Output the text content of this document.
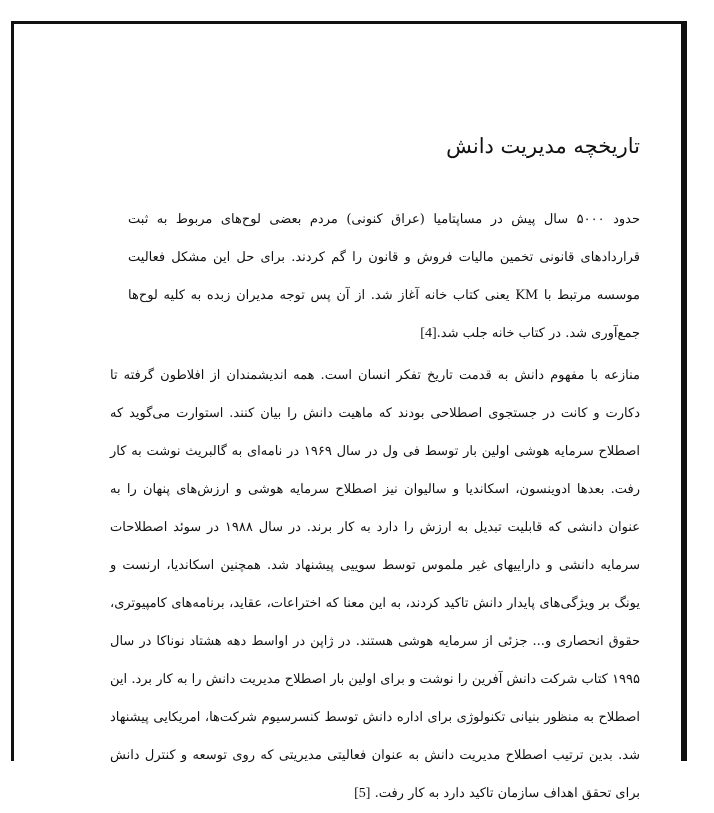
تاریخچه مدیریت دانش

حدود ۵۰۰۰ سال پیش در مساپتامیا (عراق کنونی) مردم بعضی لوح‌های مربوط به ثبت قراردادهای قانونی تخمین مالیات فروش و قانون را گم کردند. برای حل این مشکل فعالیت موسسه مرتبط با KM یعنی کتاب خانه آغاز شد. از آن پس توجه مدیران زبده به کلیه لوح‌ها جمع‌آوری شد. در کتاب خانه جلب شد.[4]

منازعه با مفهوم دانش به قدمت تاریخ تفکر انسان است. همه اندیشمندان از افلاطون گرفته تا دکارت و کانت در جستجوی اصطلاحی بودند که ماهیت دانش را بیان کنند. استوارت می‌گوید که اصطلاح سرمایه هوشی اولین بار توسط فی ول در سال ۱۹۶۹ در نامه‌ای به گالبریث نوشت به کار رفت. بعدها ادوینسون، اسکاندیا و سالیوان نیز اصطلاح سرمایه هوشی و ارزش‌های پنهان را به عنوان دانشی که قابلیت تبدیل به ارزش را دارد به کار برند. در سال ۱۹۸۸ در سوئد اصطلاحات سرمایه دانشی و داراییهای غیر ملموس توسط سوییی پیشنهاد شد. همچنین اسکاندیا، ارنست و یونگ بر ویژگی‌های پایدار دانش تاکید کردند، به این معنا که اختراعات، عقاید، برنامه‌های کامپیوتری، حقوق انحصاری و... جزئی از سرمایه هوشی هستند. در ژاپن در اواسط دهه هشتاد نوناکا در سال ۱۹۹۵ کتاب شرکت دانش آفرین را نوشت و برای اولین بار اصطلاح مدیریت دانش را به کار برد. این اصطلاح به منظور بنیانی تکنولوژی برای اداره دانش توسط کنسرسیوم شرکت‌ها، امریکایی پیشنهاد شد. بدین ترتیب اصطلاح مدیریت دانش به عنوان فعالیتی مدیریتی که روی توسعه و کنترل دانش برای تحقق اهداف سازمان تاکید دارد به کار رفت. [5]
